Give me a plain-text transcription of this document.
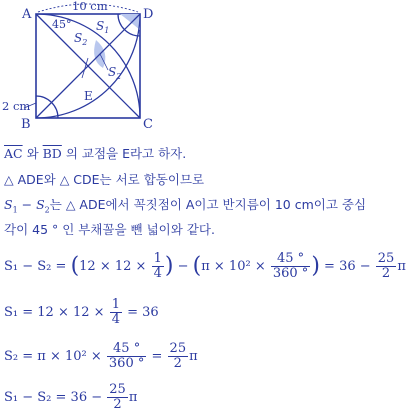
A	D
B	C
E
10 cm
2 cm
45° $S_1$
$S_2$
$S_2$
$\overline{AC}$ 와 $\overline{BD}$ 의 교점을 E라고 하자.
△ ADE와 △ CDE는 서로 합동이므로
$S_1 - S_2$는 △ ADE에서 꼭짓점이 A이고 반지름이 10 cm이고 중심
각이 45 ° 인 부채꼴을 뺀 넓이와 같다.
$S_1 - S_2 = (12 \times 12 \times \frac{1}{4}$ ) − ($\pi \times 10^2 \times \frac{45 ^\circ}{360 ^\circ}$ ) = $36 - \frac{25}{2}$ π
$S_1 = 12 \times 12 \times \frac{1}{4} = 36$
$S_2 = \pi \times 10^2 \times \frac{45 ^\circ}{360 ^\circ} = \frac{25}{2}$ π
$S_1 - S_2 = 36 - \frac{25}{2}$ π
